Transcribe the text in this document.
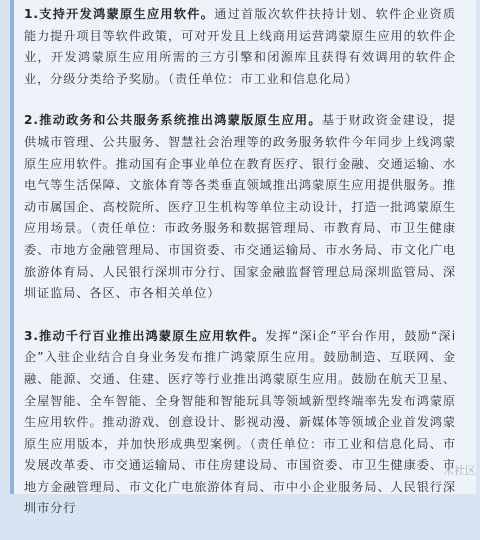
1.支持开发鸿蒙原生应用软件。通过首版次软件扶持计划、软件企业资质能力提升项目等软件政策，可对开发且上线商用运营鸿蒙原生应用的软件企业，开发鸿蒙原生应用所需的三方引擎和闭源库且获得有效调用的软件企业，分级分类给予奖励。（责任单位：市工业和信息化局）

2.推动政务和公共服务系统推出鸿蒙版原生应用。基于财政资金建设，提供城市管理、公共服务、智慧社会治理等的政务服务软件今年同步上线鸿蒙原生应用软件。推动国有企事业单位在教育医疗、银行金融、交通运输、水电气等生活保障、文旅体育等各类垂直领域推出鸿蒙原生应用提供服务。推动市属国企、高校院所、医疗卫生机构等单位主动设计，打造一批鸿蒙原生应用场景。（责任单位：市政务服务和数据管理局、市教育局、市卫生健康委、市地方金融管理局、市国资委、市交通运输局、市水务局、市文化广电旅游体育局、人民银行深圳市分行、国家金融监督管理总局深圳监管局、深圳证监局、各区、市各相关单位）

3.推动千行百业推出鸿蒙原生应用软件。发挥“深i企”平台作用，鼓励“深i企”入驻企业结合自身业务发布推广鸿蒙原生应用。鼓励制造、互联网、金融、能源、交通、住建、医疗等行业推出鸿蒙原生应用。鼓励在航天卫星、全屋智能、全车智能、全身智能和智能玩具等领域新型终端率先发布鸿蒙原生应用软件。推动游戏、创意设计、影视动漫、新媒体等领域企业首发鸿蒙原生应用版本，并加快形成典型案例。（责任单位：市工业和信息化局、市发展改革委、市交通运输局、市住房建设局、市国资委、市卫生健康委、市地方金融管理局、市文化广电旅游体育局、市中小企业服务局、人民银行深圳市分行

术社区
